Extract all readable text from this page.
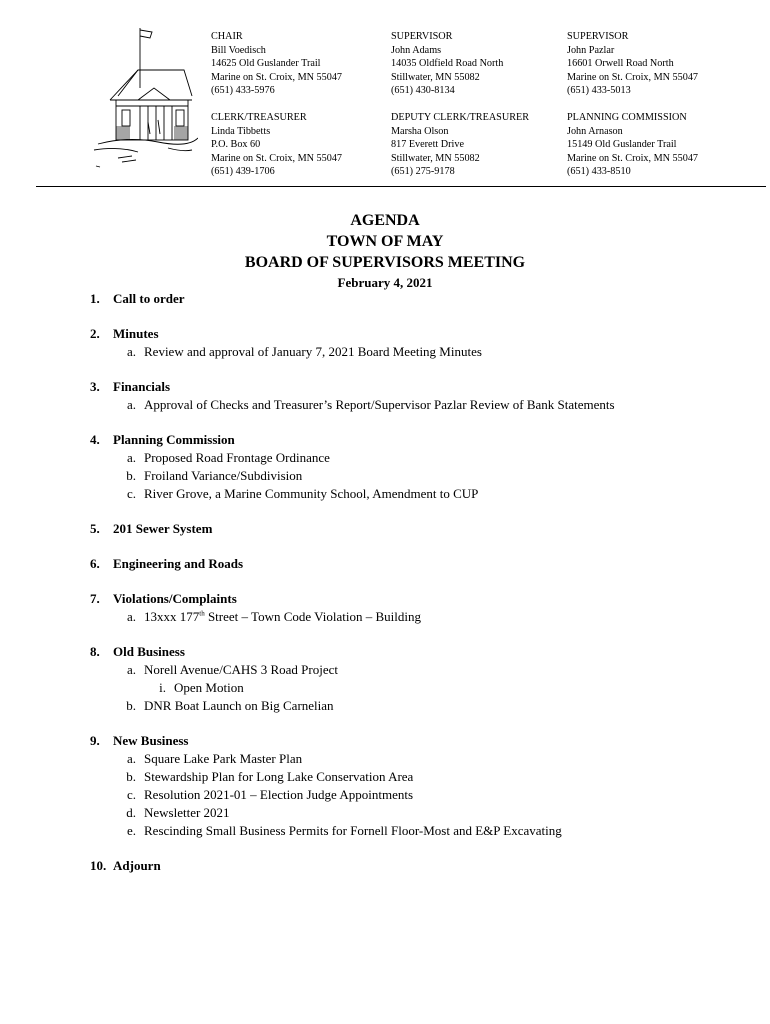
CHAIR
Bill Voedisch
14625 Old Guslander Trail
Marine on St. Croix, MN 55047
(651) 433-5976
SUPERVISOR
John Adams
14035 Oldfield Road North
Stillwater, MN 55082
(651) 430-8134
SUPERVISOR
John Pazlar
16601 Orwell Road North
Marine on St. Croix, MN 55047
(651) 433-5013
CLERK/TREASURER
Linda Tibbetts
P.O. Box 60
Marine on St. Croix, MN 55047
(651) 439-1706
DEPUTY CLERK/TREASURER
Marsha Olson
817 Everett Drive
Stillwater, MN 55082
(651) 275-9178
PLANNING COMMISSION
John Arnason
15149 Old Guslander Trail
Marine on St. Croix, MN 55047
(651) 433-8510
AGENDA
TOWN OF MAY
BOARD OF SUPERVISORS MEETING
February 4, 2021
1.	Call to order
2.	Minutes
a. Review and approval of January 7, 2021 Board Meeting Minutes
3.	Financials
a. Approval of Checks and Treasurer’s Report/Supervisor Pazlar Review of Bank Statements
4.	Planning Commission
a. Proposed Road Frontage Ordinance
b. Froiland Variance/Subdivision
c. River Grove, a Marine Community School, Amendment to CUP
5.	201 Sewer System
6.	Engineering and Roads
7.	Violations/Complaints
a. 13xxx 177th Street – Town Code Violation – Building
8.	Old Business
a. Norell Avenue/CAHS 3 Road Project
i. Open Motion
b. DNR Boat Launch on Big Carnelian
9.	New Business
a. Square Lake Park Master Plan
b. Stewardship Plan for Long Lake Conservation Area
c. Resolution 2021-01 – Election Judge Appointments
d. Newsletter 2021
e. Rescinding Small Business Permits for Fornell Floor-Most and E&P Excavating
10. Adjourn
